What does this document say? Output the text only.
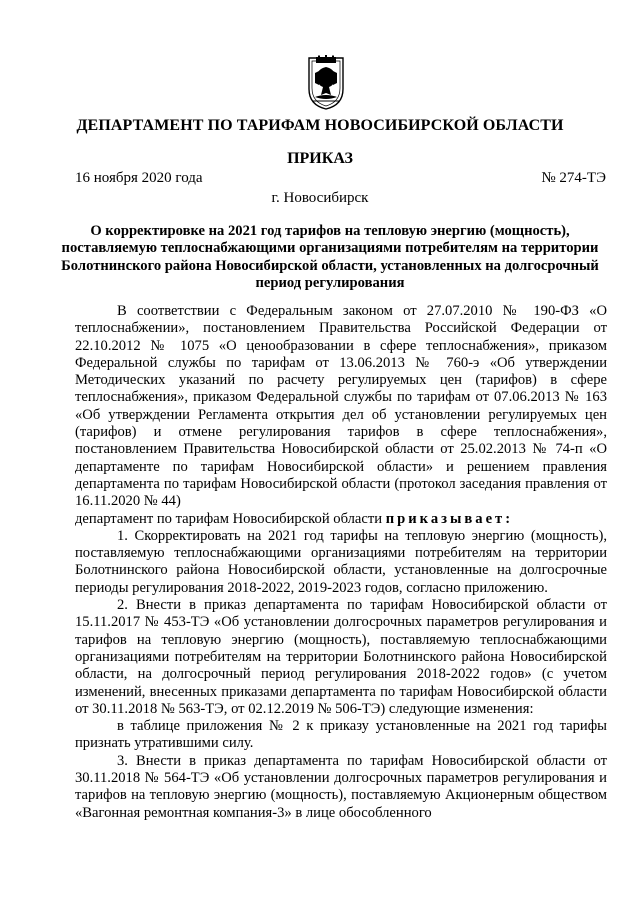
ДЕПАРТАМЕНТ ПО ТАРИФАМ НОВОСИБИРСКОЙ ОБЛАСТИ
ПРИКАЗ
16 ноября 2020 года	№ 274-ТЭ
г. Новосибирск
О корректировке на 2021 год тарифов на тепловую энергию (мощность), поставляемую теплоснабжающими организациями потребителям на территории Болотнинского района Новосибирской области, установленных на долгосрочный период регулирования

В соответствии с Федеральным законом от 27.07.2010 № 190-ФЗ «О теплоснабжении», постановлением Правительства Российской Федерации от 22.10.2012 № 1075 «О ценообразовании в сфере теплоснабжения», приказом Федеральной службы по тарифам от 13.06.2013 № 760-э «Об утверждении Методических указаний по расчету регулируемых цен (тарифов) в сфере теплоснабжения», приказом Федеральной службы по тарифам от 07.06.2013 № 163 «Об утверждении Регламента открытия дел об установлении регулируемых цен (тарифов) и отмене регулирования тарифов в сфере теплоснабжения», постановлением Правительства Новосибирской области от 25.02.2013 № 74-п «О департаменте по тарифам Новосибирской области» и решением правления департамента по тарифам Новосибирской области (протокол заседания правления от 16.11.2020 № 44)

департамент по тарифам Новосибирской области приказывает:

1. Скорректировать на 2021 год тарифы на тепловую энергию (мощность), поставляемую теплоснабжающими организациями потребителям на территории Болотнинского района Новосибирской области, установленные на долгосрочные периоды регулирования 2018-2022, 2019-2023 годов, согласно приложению.

2. Внести в приказ департамента по тарифам Новосибирской области от 15.11.2017 № 453-ТЭ «Об установлении долгосрочных параметров регулирования и тарифов на тепловую энергию (мощность), поставляемую теплоснабжающими организациями потребителям на территории Болотнинского района Новосибирской области, на долгосрочный период регулирования 2018-2022 годов» (с учетом изменений, внесенных приказами департамента по тарифам Новосибирской области от 30.11.2018 № 563-ТЭ, от 02.12.2019 № 506-ТЭ) следующие изменения:

в таблице приложения № 2 к приказу установленные на 2021 год тарифы признать утратившими силу.

3. Внести в приказ департамента по тарифам Новосибирской области от 30.11.2018 № 564-ТЭ «Об установлении долгосрочных параметров регулирования и тарифов на тепловую энергию (мощность), поставляемую Акционерным обществом «Вагонная ремонтная компания-3» в лице обособленного
